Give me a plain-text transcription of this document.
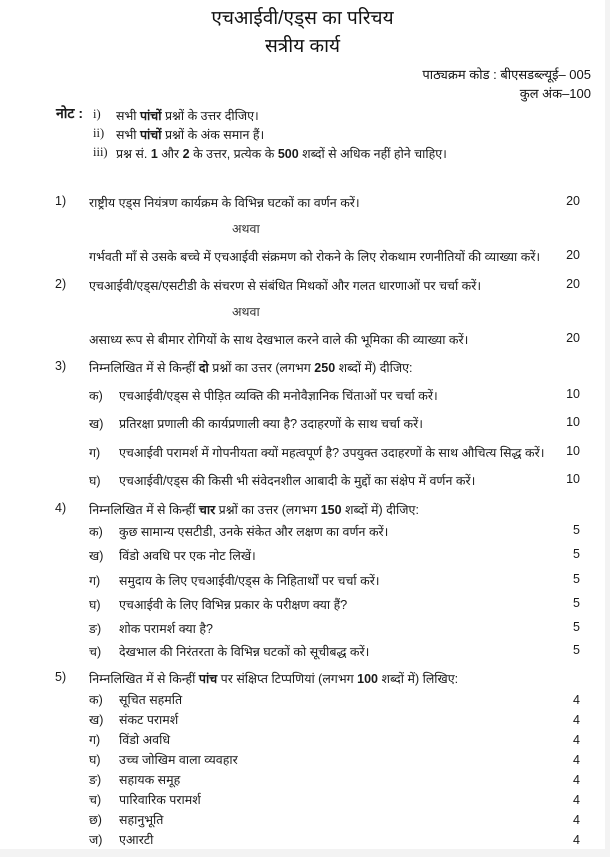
एचआईवी/एड्स का परिचय
सत्रीय कार्य
पाठ्यक्रम कोड : बीएसडब्ल्यूई– 005
कुल अंक–100
नोट : i) सभी पांचों प्रश्नों के उत्तर दीजिए।
ii) सभी पांचों प्रश्नों के अंक समान हैं।
iii) प्रश्न सं. 1 और 2 के उत्तर, प्रत्येक के 500 शब्दों से अधिक नहीं होने चाहिए।
1) राष्ट्रीय एड्स नियंत्रण कार्यक्रम के विभिन्न घटकों का वर्णन करें।	20
अथवा
गर्भवती माँ से उसके बच्चे में एचआईवी संक्रमण को रोकने के लिए रोकथाम रणनीतियों की व्याख्या करें। 20
2) एचआईवी/एड्स/एसटीडी के संचरण से संबंधित मिथकों और गलत धारणाओं पर चर्चा करें।	20
अथवा
असाध्य रूप से बीमार रोगियों के साथ देखभाल करने वाले की भूमिका की व्याख्या करें।	20
3) निम्नलिखित में से किन्हीं दो प्रश्नों का उत्तर (लगभग 250 शब्दों में) दीजिए:
क) एचआईवी/एड्स से पीड़ित व्यक्ति की मनोवैज्ञानिक चिंताओं पर चर्चा करें।	10
ख) प्रतिरक्षा प्रणाली की कार्यप्रणाली क्या है? उदाहरणों के साथ चर्चा करें।	10
ग) एचआईवी परामर्श में गोपनीयता क्यों महत्वपूर्ण है? उपयुक्त उदाहरणों के साथ औचित्य सिद्ध करें। 10
घ) एचआईवी/एड्स की किसी भी संवेदनशील आबादी के मुद्दों का संक्षेप में वर्णन करें।	10
4) निम्नलिखित में से किन्हीं चार प्रश्नों का उत्तर (लगभग 150 शब्दों में) दीजिए:
क) कुछ सामान्य एसटीडी, उनके संकेत और लक्षण का वर्णन करें।	5
ख) विंडो अवधि पर एक नोट लिखें।	5
ग) समुदाय के लिए एचआईवी/एड्स के निहितार्थों पर चर्चा करें।	5
घ) एचआईवी के लिए विभिन्न प्रकार के परीक्षण क्या हैं?	5
ङ) शोक परामर्श क्या है?	5
च) देखभाल की निरंतरता के विभिन्न घटकों को सूचीबद्ध करें।	5
5) निम्नलिखित में से किन्हीं पांच पर संक्षिप्त टिप्पणियां (लगभग 100 शब्दों में) लिखिए:
क) सूचित सहमति	4
ख) संकट परामर्श	4
ग) विंडो अवधि	4
घ) उच्च जोखिम वाला व्यवहार	4
ङ) सहायक समूह	4
च) पारिवारिक परामर्श	4
छ) सहानुभूति	4
ज) एआरटी	4
